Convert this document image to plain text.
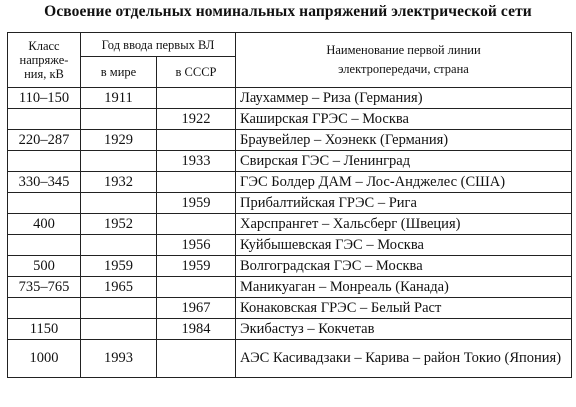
Освоение отдельных номинальных напряжений электрической сети
Класс напряже-ния, кВ	Год ввода первых ВЛ		Наименование первой линии электропередачи, страна
	в мире	в СССР	
110–150	1911		Лаухаммер – Риза (Германия)
		1922	Каширская ГРЭС – Москва
220–287	1929		Браувейлер – Хоэнекк (Германия)
		1933	Свирская ГЭС – Ленинград
330–345	1932		ГЭС Болдер ДАМ – Лос-Анджелес (США)
		1959	Прибалтийская ГРЭС – Рига
400	1952		Харспрангет – Хальсберг (Швеция)
		1956	Куйбышевская ГЭС – Москва
500	1959	1959	Волгоградская ГЭС – Москва
735–765	1965		Маникуаган – Монреаль (Канада)
		1967	Конаковская ГРЭС – Белый Раст
1150		1984	Экибастуз – Кокчетав
1000	1993		АЭС Касивадзаки – Карива – район Токио (Япония)
